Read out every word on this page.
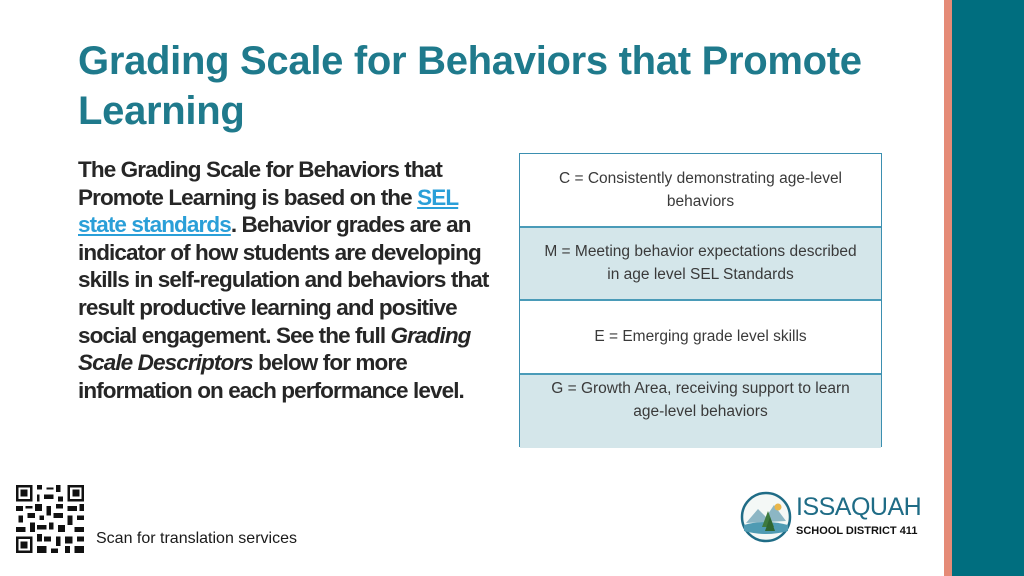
Grading Scale for Behaviors that Promote Learning
The Grading Scale for Behaviors that Promote Learning is based on the SEL state standards. Behavior grades are an indicator of how students are developing skills in self-regulation and behaviors that result productive learning and positive social engagement. See the full Grading Scale Descriptors below for more information on each performance level.
C = Consistently demonstrating age-level behaviors
M = Meeting behavior expectations described in age level SEL Standards
E = Emerging grade level skills
G = Growth Area, receiving support to learn age-level behaviors
Scan for translation services
ISSAQUAH
SCHOOL DISTRICT 411
